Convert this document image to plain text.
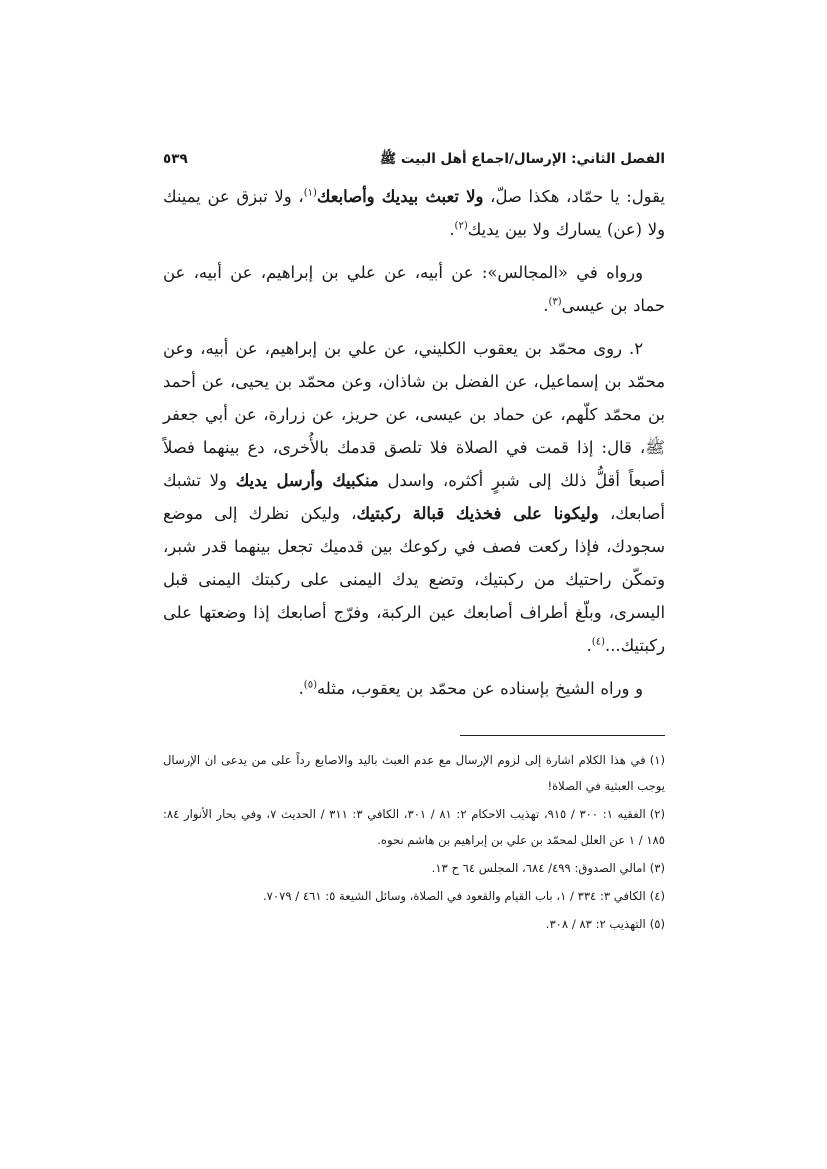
الفصل الثاني: الإرسال/اجماع أهل البيت ﷺ
٥٣٩

يقول: يا حمّاد، هكذا صلّ، ولا تعبث بيديك وأصابعك$^{(١)}$، ولا تبزق عن يمينك ولا (عن) يسارك ولا بين يديك$^{(٢)}$.

ورواه في «المجالس»: عن أبيه، عن علي بن إبراهيم، عن أبيه، عن حماد بن عيسى$^{(٣)}$.

٢. روى محمّد بن يعقوب الكليني، عن علي بن إبراهيم، عن أبيه، وعن محمّد بن إسماعيل، عن الفضل بن شاذان، وعن محمّد بن يحيى، عن أحمد بن محمّد كلّهم، عن حماد بن عيسى، عن حريز، عن زرارة، عن أبي جعفر ﷺ، قال: إذا قمت في الصلاة فلا تلصق قدمك بالأُخرى، دع بينهما فصلاً أصبعاً أقلُّ ذلك إلى شبرٍ أكثره، واسدل منكبيك وأرسل يديك ولا تشبك أصابعك، وليكونا على فخذيك قبالة ركبتيك، وليكن نظرك إلى موضع سجودك، فإذا ركعت فصف في ركوعك بين قدميك تجعل بينهما قدر شبر، وتمكّن راحتيك من ركبتيك، وتضع يدك اليمنى على ركبتك اليمنى قبل اليسرى، وبلّغ أطراف أصابعك عين الركبة، وفرّج أصابعك إذا وضعتها على ركبتيك...$^{(٤)}$.

و وراه الشيخ بإسناده عن محمّد بن يعقوب، مثله$^{(٥)}$.

(١)في هذا الكلام اشارة إلى لزوم الإرسال مع عدم العبث باليد والاصابع رداً على من يدعى ان الإرسال يوجب العبثية في الصلاة!
(٢)الفقيه ١: ٣٠٠ / ٩١٥، تهذيب الاحكام ٢: ٨١ / ٣٠١، الكافي ٣: ٣١١ / الحديث ٧، وفي بحار الأنوار ٨٤: ١٨٥ / ١ عن العلل لمحمّد بن علي بن إبراهيم بن هاشم نحوه.
(٣)امالي الصدوق: ٤٩٩/ ٦٨٤، المجلس ٦٤ ح ١٣.
(٤)الكافي ٣: ٣٣٤ / ١، باب القيام والقعود في الصلاة، وسائل الشيعة ٥: ٤٦١ / ٧٠٧٩.
(٥)التهذيب ٢: ٨٣ / ٣٠٨.
